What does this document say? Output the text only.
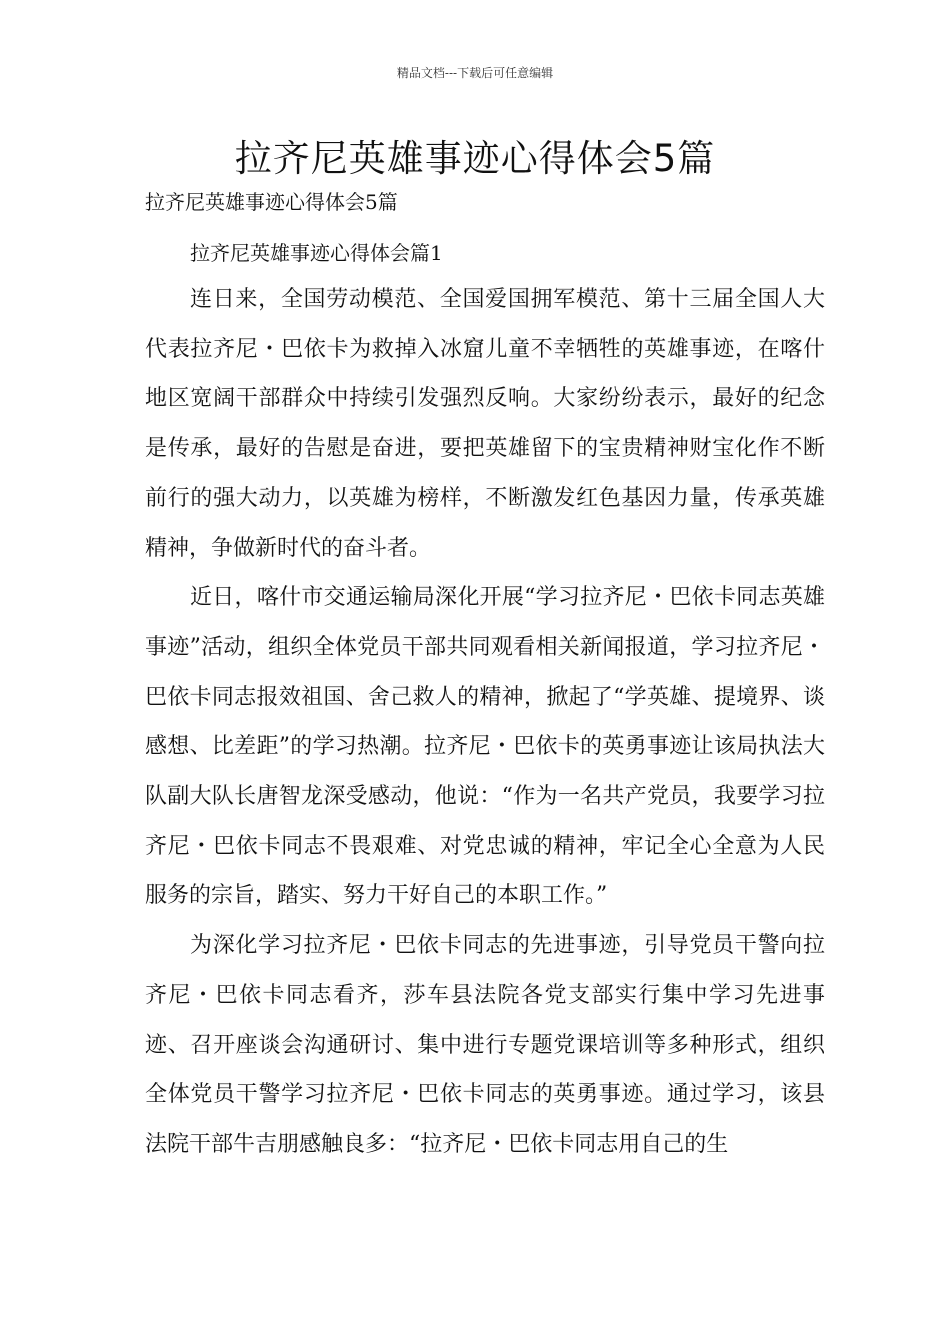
精品文档---下载后可任意编辑
拉齐尼英雄事迹心得体会5篇

拉齐尼英雄事迹心得体会5篇

拉齐尼英雄事迹心得体会篇1

连日来，全国劳动模范、全国爱国拥军模范、第十三届全国人大代表拉齐尼・巴依卡为救掉入冰窟儿童不幸牺牲的英雄事迹，在喀什地区宽阔干部群众中持续引发强烈反响。大家纷纷表示，最好的纪念是传承，最好的告慰是奋进，要把英雄留下的宝贵精神财宝化作不断前行的强大动力，以英雄为榜样，不断激发红色基因力量，传承英雄精神，争做新时代的奋斗者。

近日，喀什市交通运输局深化开展“学习拉齐尼・巴依卡同志英雄事迹”活动，组织全体党员干部共同观看相关新闻报道，学习拉齐尼・巴依卡同志报效祖国、舍己救人的精神，掀起了“学英雄、提境界、谈感想、比差距”的学习热潮。拉齐尼・巴依卡的英勇事迹让该局执法大队副大队长唐智龙深受感动，他说：“作为一名共产党员，我要学习拉齐尼・巴依卡同志不畏艰难、对党忠诚的精神，牢记全心全意为人民服务的宗旨，踏实、努力干好自己的本职工作。”

为深化学习拉齐尼・巴依卡同志的先进事迹，引导党员干警向拉齐尼・巴依卡同志看齐，莎车县法院各党支部实行集中学习先进事迹、召开座谈会沟通研讨、集中进行专题党课培训等多种形式，组织全体党员干警学习拉齐尼・巴依卡同志的英勇事迹。通过学习，该县法院干部牛吉朋感触良多：“拉齐尼・巴依卡同志用自己的生
